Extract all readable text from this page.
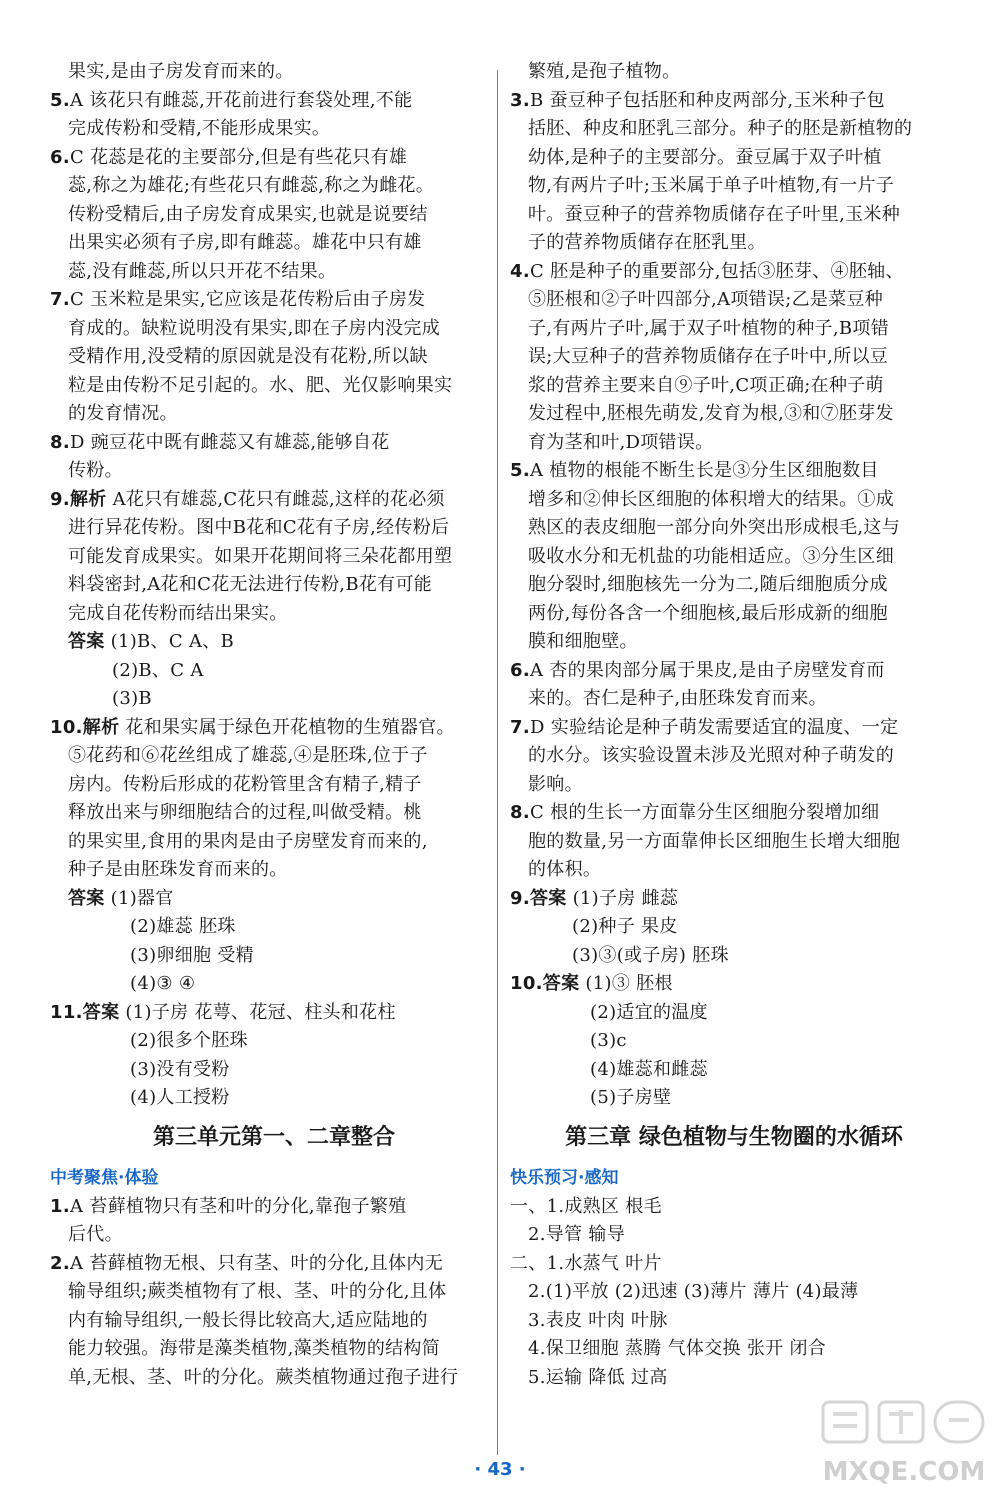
果实,是由子房发育而来的。
5.A 该花只有雌蕊,开花前进行套袋处理,不能
完成传粉和受精,不能形成果实。
6.C 花蕊是花的主要部分,但是有些花只有雄
蕊,称之为雄花;有些花只有雌蕊,称之为雌花。
传粉受精后,由子房发育成果实,也就是说要结
出果实必须有子房,即有雌蕊。雄花中只有雄
蕊,没有雌蕊,所以只开花不结果。
7.C 玉米粒是果实,它应该是花传粉后由子房发
育成的。缺粒说明没有果实,即在子房内没完成
受精作用,没受精的原因就是没有花粉,所以缺
粒是由传粉不足引起的。水、肥、光仅影响果实
的发育情况。
8.D 豌豆花中既有雌蕊又有雄蕊,能够自花
传粉。
9.解析 A花只有雄蕊,C花只有雌蕊,这样的花必须
进行异花传粉。图中B花和C花有子房,经传粉后
可能发育成果实。如果开花期间将三朵花都用塑
料袋密封,A花和C花无法进行传粉,B花有可能
完成自花传粉而结出果实。
答案 (1)B、C A、B
(2)B、C A
(3)B
10.解析 花和果实属于绿色开花植物的生殖器官。
⑤花药和⑥花丝组成了雄蕊,④是胚珠,位于子
房内。传粉后形成的花粉管里含有精子,精子
释放出来与卵细胞结合的过程,叫做受精。桃
的果实里,食用的果肉是由子房壁发育而来的,
种子是由胚珠发育而来的。
答案 (1)器官
(2)雄蕊 胚珠
(3)卵细胞 受精
(4)③ ④
11.答案 (1)子房 花萼、花冠、柱头和花柱
(2)很多个胚珠
(3)没有受粉
(4)人工授粉
第三单元第一、二章整合
中考聚焦·体验
1.A 苔藓植物只有茎和叶的分化,靠孢子繁殖
后代。
2.A 苔藓植物无根、只有茎、叶的分化,且体内无
输导组织;蕨类植物有了根、茎、叶的分化,且体
内有输导组织,一般长得比较高大,适应陆地的
能力较强。海带是藻类植物,藻类植物的结构简
单,无根、茎、叶的分化。蕨类植物通过孢子进行
繁殖,是孢子植物。
3.B 蚕豆种子包括胚和种皮两部分,玉米种子包
括胚、种皮和胚乳三部分。种子的胚是新植物的
幼体,是种子的主要部分。蚕豆属于双子叶植
物,有两片子叶;玉米属于单子叶植物,有一片子
叶。蚕豆种子的营养物质储存在子叶里,玉米种
子的营养物质储存在胚乳里。
4.C 胚是种子的重要部分,包括③胚芽、④胚轴、
⑤胚根和②子叶四部分,A项错误;乙是菜豆种
子,有两片子叶,属于双子叶植物的种子,B项错
误;大豆种子的营养物质储存在子叶中,所以豆
浆的营养主要来自⑨子叶,C项正确;在种子萌
发过程中,胚根先萌发,发育为根,③和⑦胚芽发
育为茎和叶,D项错误。
5.A 植物的根能不断生长是③分生区细胞数目
增多和②伸长区细胞的体积增大的结果。①成
熟区的表皮细胞一部分向外突出形成根毛,这与
吸收水分和无机盐的功能相适应。③分生区细
胞分裂时,细胞核先一分为二,随后细胞质分成
两份,每份各含一个细胞核,最后形成新的细胞
膜和细胞壁。
6.A 杏的果肉部分属于果皮,是由子房壁发育而
来的。杏仁是种子,由胚珠发育而来。
7.D 实验结论是种子萌发需要适宜的温度、一定
的水分。该实验设置未涉及光照对种子萌发的
影响。
8.C 根的生长一方面靠分生区细胞分裂增加细
胞的数量,另一方面靠伸长区细胞生长增大细胞
的体积。
9.答案 (1)子房 雌蕊
(2)种子 果皮
(3)③(或子房) 胚珠
10.答案 (1)③ 胚根
(2)适宜的温度
(3)c
(4)雄蕊和雌蕊
(5)子房壁
第三章 绿色植物与生物圈的水循环
快乐预习·感知
一、1.成熟区 根毛
2.导管 输导
二、1.水蒸气 叶片
2.(1)平放 (2)迅速 (3)薄片 薄片 (4)最薄
3.表皮 叶肉 叶脉
4.保卫细胞 蒸腾 气体交换 张开 闭合
5.运输 降低 过高
· 43 ·	MXQE.COM
